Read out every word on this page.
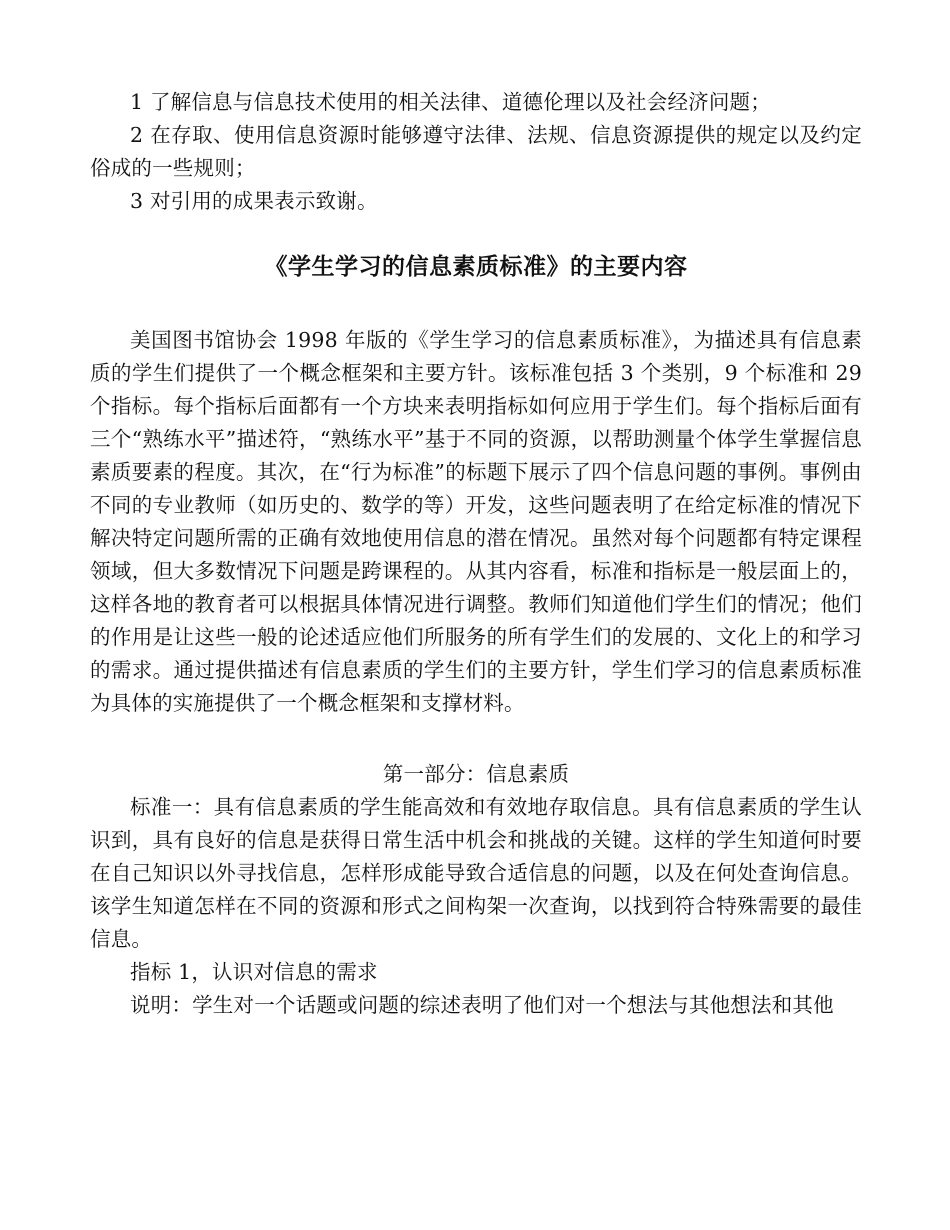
1 了解信息与信息技术使用的相关法律、道德伦理以及社会经济问题；

2 在存取、使用信息资源时能够遵守法律、法规、信息资源提供的规定以及约定俗成的一些规则；

3 对引用的成果表示致谢。

《学生学习的信息素质标准》的主要内容

美国图书馆协会 1998 年版的《学生学习的信息素质标准》，为描述具有信息素质的学生们提供了一个概念框架和主要方针。该标准包括 3 个类别，9 个标准和 29 个指标。每个指标后面都有一个方块来表明指标如何应用于学生们。每个指标后面有三个“熟练水平”描述符，“熟练水平”基于不同的资源，以帮助测量个体学生掌握信息素质要素的程度。其次，在“行为标准”的标题下展示了四个信息问题的事例。事例由不同的专业教师（如历史的、数学的等）开发，这些问题表明了在给定标准的情况下解决特定问题所需的正确有效地使用信息的潜在情况。虽然对每个问题都有特定课程领域，但大多数情况下问题是跨课程的。从其内容看，标准和指标是一般层面上的，这样各地的教育者可以根据具体情况进行调整。教师们知道他们学生们的情况；他们的作用是让这些一般的论述适应他们所服务的所有学生们的发展的、文化上的和学习的需求。通过提供描述有信息素质的学生们的主要方针，学生们学习的信息素质标准为具体的实施提供了一个概念框架和支撑材料。

第一部分：信息素质

标准一：具有信息素质的学生能高效和有效地存取信息。具有信息素质的学生认识到，具有良好的信息是获得日常生活中机会和挑战的关键。这样的学生知道何时要在自己知识以外寻找信息，怎样形成能导致合适信息的问题，以及在何处查询信息。该学生知道怎样在不同的资源和形式之间构架一次查询，以找到符合特殊需要的最佳信息。

指标 1，认识对信息的需求

说明：学生对一个话题或问题的综述表明了他们对一个想法与其他想法和其他
